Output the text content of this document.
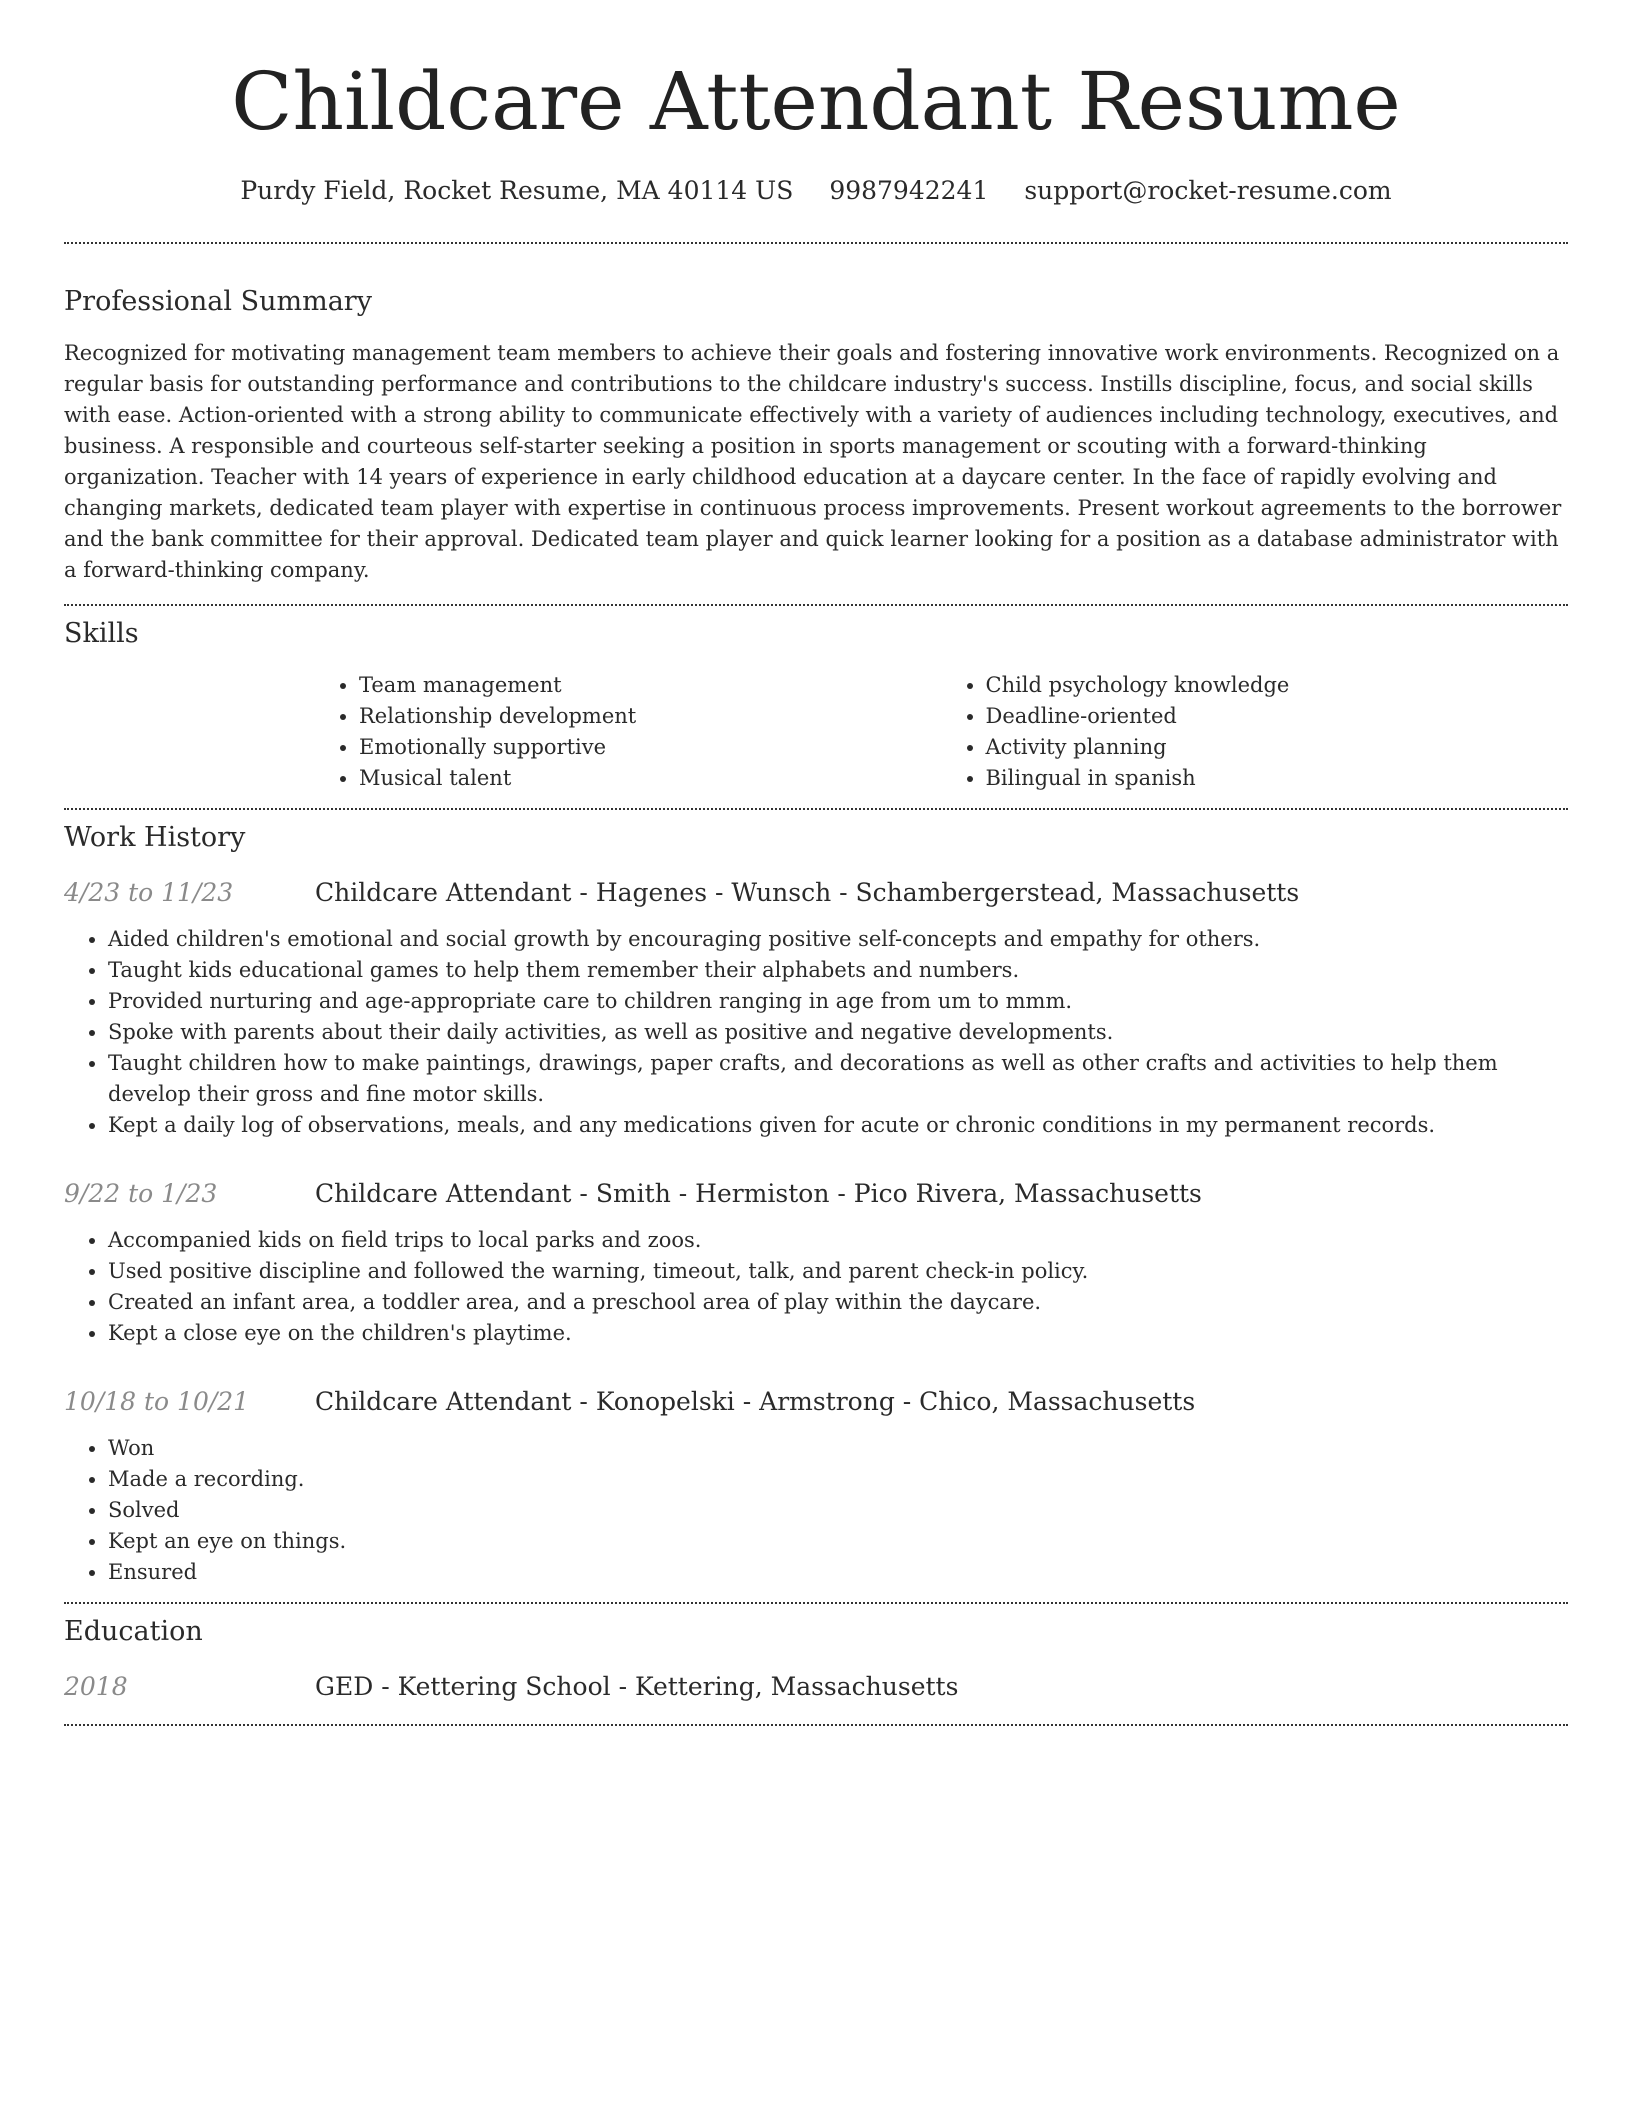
Childcare Attendant Resume
Purdy Field, Rocket Resume, MA 40114 US 9987942241 support@rocket-resume.com
Professional Summary

Recognized for motivating management team members to achieve their goals and fostering innovative work environments. Recognized on a regular basis for outstanding performance and contributions to the childcare industry's success. Instills discipline, focus, and social skills with ease. Action-oriented with a strong ability to communicate effectively with a variety of audiences including technology, executives, and business. A responsible and courteous self-starter seeking a position in sports management or scouting with a forward-thinking organization. Teacher with 14 years of experience in early childhood education at a daycare center. In the face of rapidly evolving and changing markets, dedicated team player with expertise in continuous process improvements. Present workout agreements to the borrower and the bank committee for their approval. Dedicated team player and quick learner looking for a position as a database administrator with a forward-thinking company.

Skills
• Team management
• Relationship development
• Emotionally supportive
• Musical talent
• Child psychology knowledge
• Deadline-oriented
• Activity planning
• Bilingual in spanish
Work History
4/23 to 11/23	Childcare Attendant - Hagenes - Wunsch - Schambergerstead, Massachusetts
• Aided children's emotional and social growth by encouraging positive self-concepts and empathy for others.
• Taught kids educational games to help them remember their alphabets and numbers.
• Provided nurturing and age-appropriate care to children ranging in age from um to mmm.
• Spoke with parents about their daily activities, as well as positive and negative developments.
• Taught children how to make paintings, drawings, paper crafts, and decorations as well as other crafts and activities to help them develop their gross and fine motor skills.
• Kept a daily log of observations, meals, and any medications given for acute or chronic conditions in my permanent records.
9/22 to 1/23	Childcare Attendant - Smith - Hermiston - Pico Rivera, Massachusetts
• Accompanied kids on field trips to local parks and zoos.
• Used positive discipline and followed the warning, timeout, talk, and parent check-in policy.
• Created an infant area, a toddler area, and a preschool area of play within the daycare.
• Kept a close eye on the children's playtime.
10/18 to 10/21	Childcare Attendant - Konopelski - Armstrong - Chico, Massachusetts
• Won
• Made a recording.
• Solved
• Kept an eye on things.
• Ensured
Education
2018	GED - Kettering School - Kettering, Massachusetts
